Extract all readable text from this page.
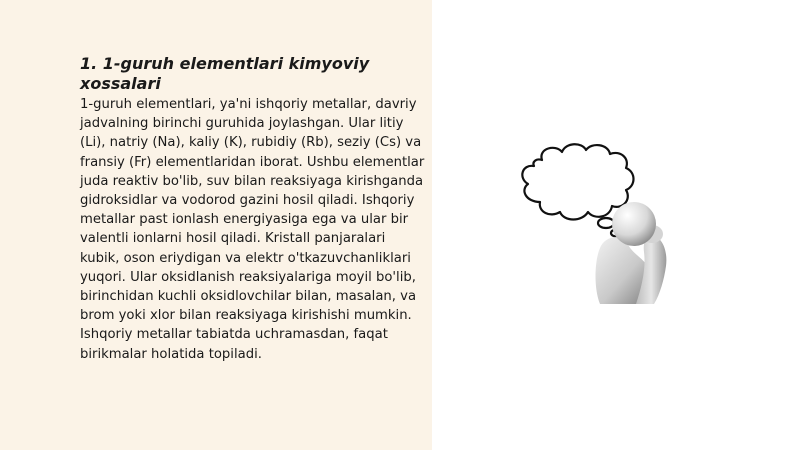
1. 1-guruh elementlari kimyoviy xossalari

1-guruh elementlari, ya'ni ishqoriy metallar, davriy jadvalning birinchi guruhida joylashgan. Ular litiy (Li), natriy (Na), kaliy (K), rubidiy (Rb), seziy (Cs) va fransiy (Fr) elementlaridan iborat. Ushbu elementlar juda reaktiv bo'lib, suv bilan reaksiyaga kirishganda gidroksidlar va vodorod gazini hosil qiladi. Ishqoriy metallar past ionlash energiyasiga ega va ular bir valentli ionlarni hosil qiladi. Kristall panjaralari kubik, oson eriydigan va elektr o'tkazuvchanliklari yuqori. Ular oksidlanish reaksiyalariga moyil bo'lib, birinchidan kuchli oksidlovchilar bilan, masalan, va brom yoki xlor bilan reaksiyaga kirishishi mumkin. Ishqoriy metallar tabiatda uchramasdan, faqat birikmalar holatida topiladi.
